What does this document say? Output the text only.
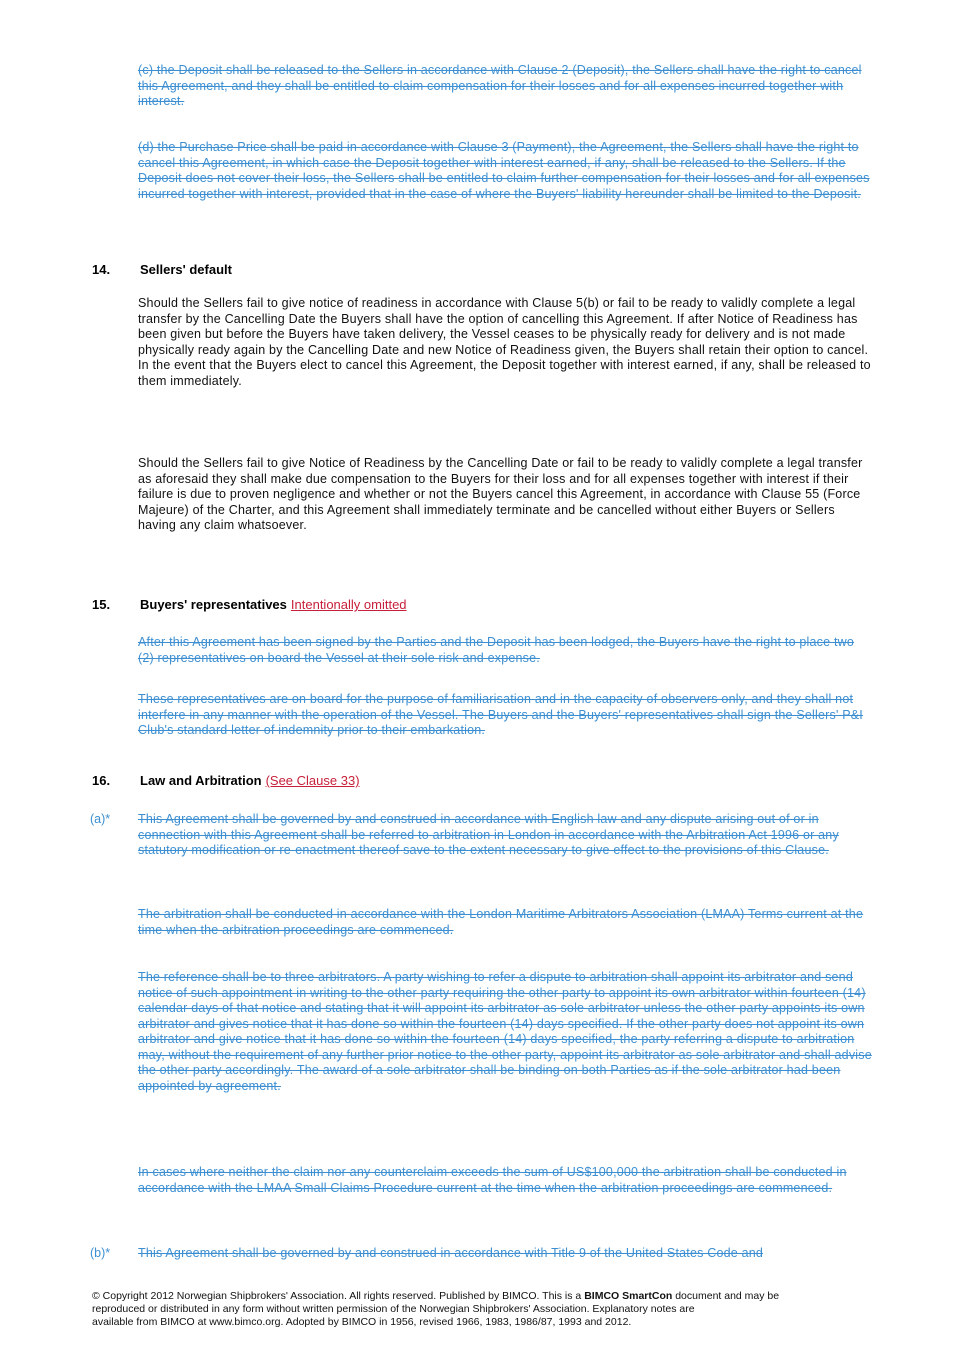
(c) the Deposit shall be released to the Sellers in accordance with Clause 2 (Deposit), the Sellers shall have the right to cancel this Agreement, and they shall be entitled to claim compensation for their losses and for all expenses incurred together with interest.
(d) the Purchase Price shall be paid in accordance with Clause 3 (Payment), the Agreement, the Sellers shall have the right to cancel this Agreement, in which case the Deposit together with interest earned, if any, shall be released to the Sellers. If the Deposit does not cover their loss, the Sellers shall be entitled to claim further compensation for their losses and for all expenses incurred together with interest, provided that in the case of where the Buyers' liability hereunder shall be limited to the Deposit.
14. Sellers' default
Should the Sellers fail to give notice of readiness in accordance with Clause 5(b) or fail to be ready to validly complete a legal transfer by the Cancelling Date the Buyers shall have the option of cancelling this Agreement. If after Notice of Readiness has been given but before the Buyers have taken delivery, the Vessel ceases to be physically ready for delivery and is not made physically ready again by the Cancelling Date and new Notice of Readiness given, the Buyers shall retain their option to cancel. In the event that the Buyers elect to cancel this Agreement, the Deposit together with interest earned, if any, shall be released to them immediately.
Should the Sellers fail to give Notice of Readiness by the Cancelling Date or fail to be ready to validly complete a legal transfer as aforesaid they shall make due compensation to the Buyers for their loss and for all expenses together with interest if their failure is due to proven negligence and whether or not the Buyers cancel this Agreement, in accordance with Clause 55 (Force Majeure) of the Charter, and this Agreement shall immediately terminate and be cancelled without either Buyers or Sellers having any claim whatsoever.
15. Buyers' representatives Intentionally omitted
After this Agreement has been signed by the Parties and the Deposit has been lodged, the Buyers have the right to place two (2) representatives on board the Vessel at their sole risk and expense.
These representatives are on board for the purpose of familiarisation and in the capacity of observers only, and they shall not interfere in any manner with the operation of the Vessel. The Buyers and the Buyers' representatives shall sign the Sellers' P&I Club's standard letter of indemnity prior to their embarkation.
16. Law and Arbitration (See Clause 33)
(a)* This Agreement shall be governed by and construed in accordance with English law and any dispute arising out of or in connection with this Agreement shall be referred to arbitration in London in accordance with the Arbitration Act 1996 or any statutory modification or re-enactment thereof save to the extent necessary to give effect to the provisions of this Clause.
The arbitration shall be conducted in accordance with the London Maritime Arbitrators Association (LMAA) Terms current at the time when the arbitration proceedings are commenced.
The reference shall be to three arbitrators. A party wishing to refer a dispute to arbitration shall appoint its arbitrator and send notice of such appointment in writing to the other party requiring the other party to appoint its own arbitrator within fourteen (14) calendar days of that notice and stating that it will appoint its arbitrator as sole arbitrator unless the other party appoints its own arbitrator and gives notice that it has done so within the fourteen (14) days specified. If the other party does not appoint its own arbitrator and give notice that it has done so within the fourteen (14) days specified, the party referring a dispute to arbitration may, without the requirement of any further prior notice to the other party, appoint its arbitrator as sole arbitrator and shall advise the other party accordingly. The award of a sole arbitrator shall be binding on both Parties as if the sole arbitrator had been appointed by agreement.
In cases where neither the claim nor any counterclaim exceeds the sum of US$100,000 the arbitration shall be conducted in accordance with the LMAA Small Claims Procedure current at the time when the arbitration proceedings are commenced.
(b)* This Agreement shall be governed by and construed in accordance with Title 9 of the United States Code and
© Copyright 2012 Norwegian Shipbrokers' Association. All rights reserved. Published by BIMCO. This is a BIMCO SmartCon document and may be
reproduced or distributed in any form without written permission of the Norwegian Shipbrokers' Association. Explanatory notes are
available from BIMCO at www.bimco.org. Adopted by BIMCO in 1956, revised 1966, 1983, 1986/87, 1993 and 2012.
